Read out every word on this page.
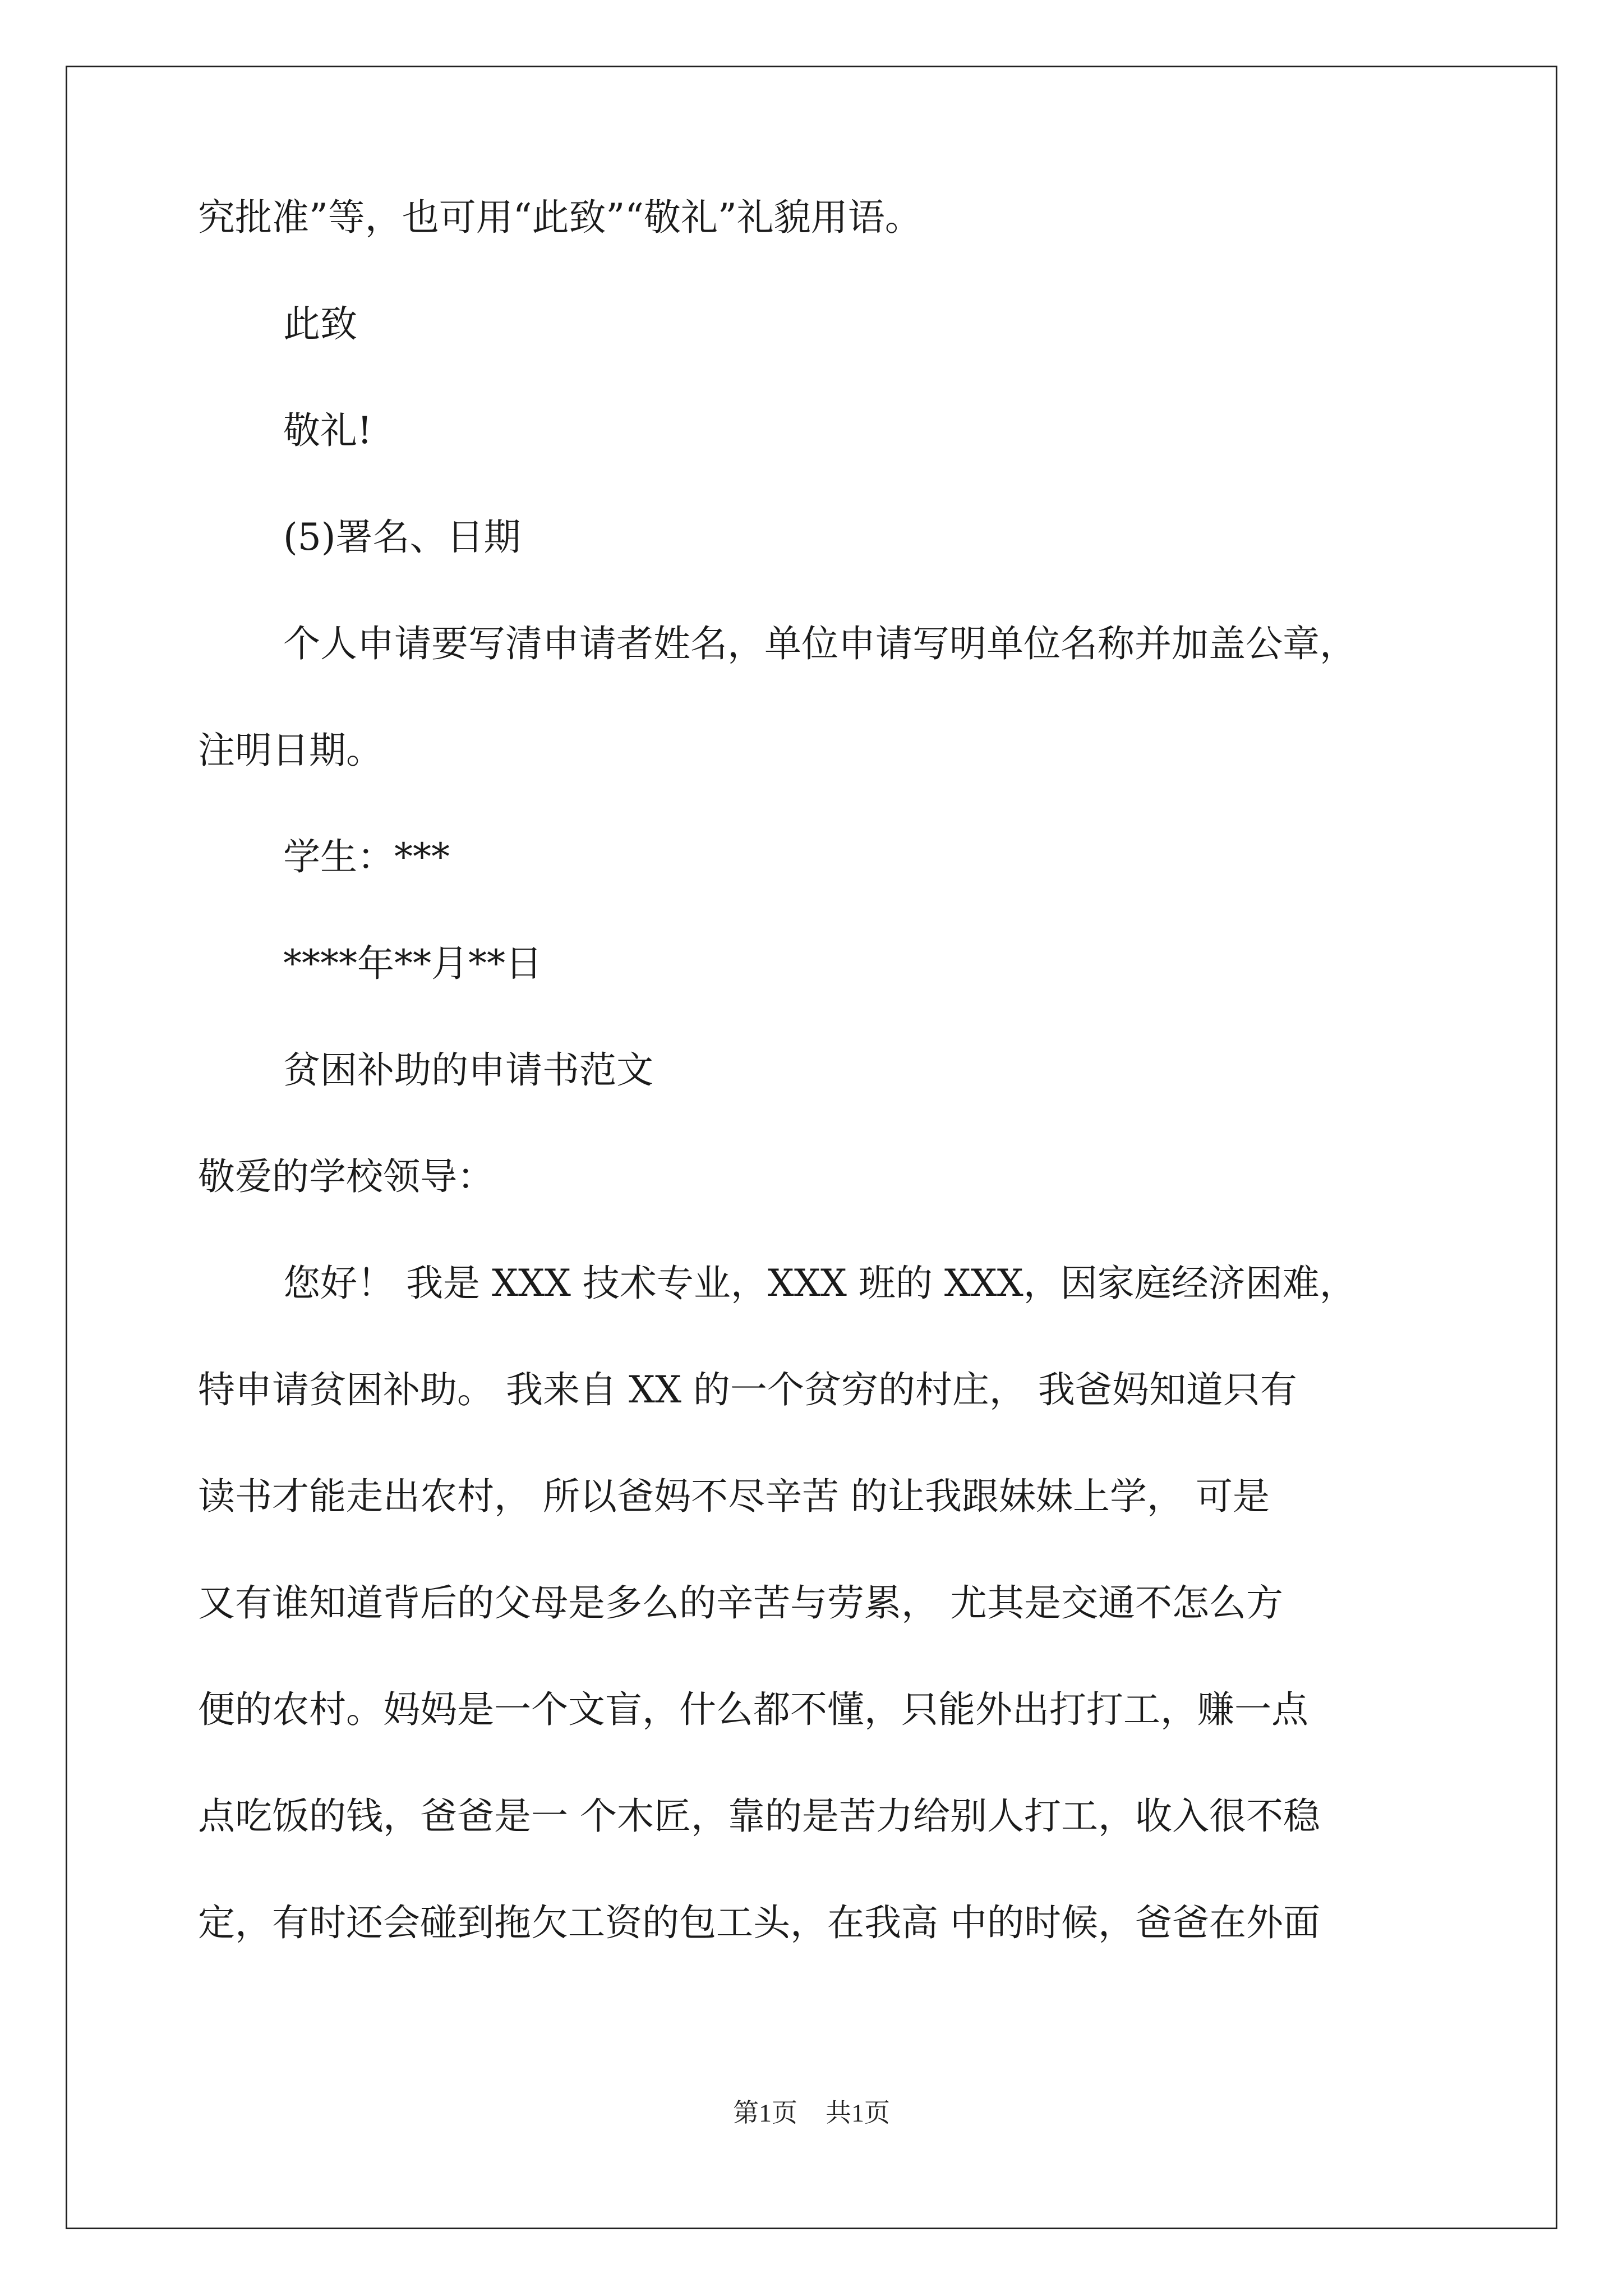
究批准”等，也可用“此致”“敬礼”礼貌用语。
此致
敬礼!
(5)署名、日期
个人申请要写清申请者姓名，单位申请写明单位名称并加盖公章，
注明日期。
学生：***
****年**月**日
贫困补助的申请书范文
敬爱的学校领导：
您好！ 我是 XXX 技术专业，XXX 班的 XXX，因家庭经济困难，
特申请贫困补助。 我来自 XX 的一个贫穷的村庄， 我爸妈知道只有
读书才能走出农村， 所以爸妈不尽辛苦 的让我跟妹妹上学， 可是
又有谁知道背后的父母是多么的辛苦与劳累， 尤其是交通不怎么方
便的农村。妈妈是一个文盲，什么都不懂，只能外出打打工，赚一点
点吃饭的钱，爸爸是一 个木匠，靠的是苦力给别人打工，收入很不稳
定，有时还会碰到拖欠工资的包工头，在我高 中的时候，爸爸在外面
第1页 共1页
